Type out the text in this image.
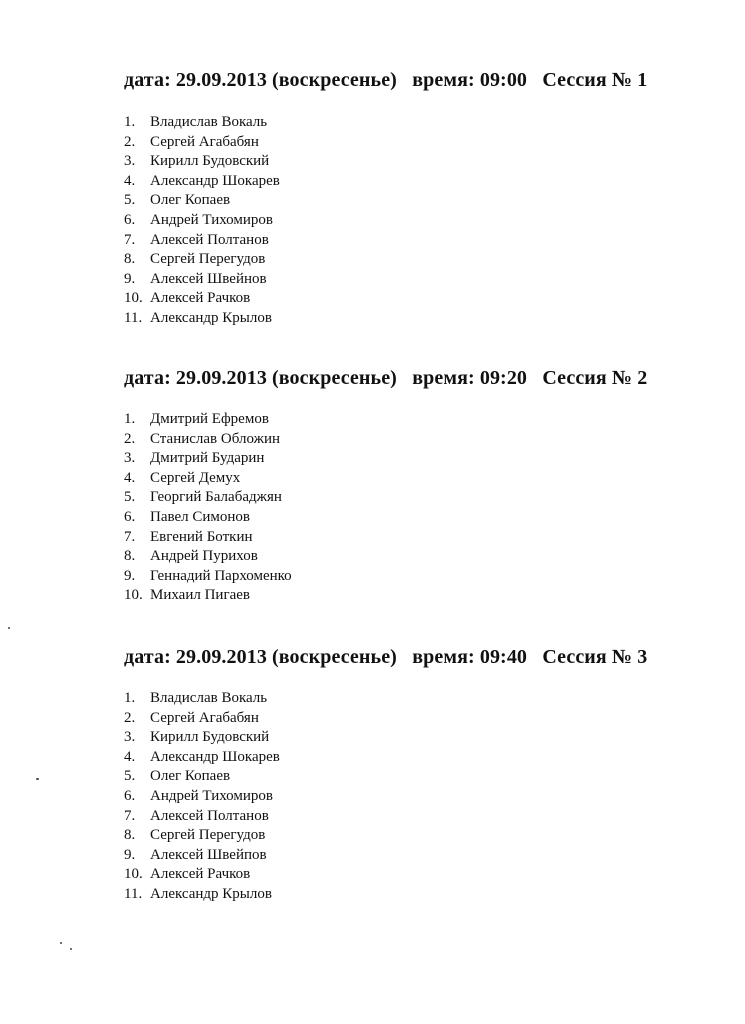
дата: 29.09.2013 (воскресенье) время: 09:00 Сессия № 1
1. Владислав Вокаль
2. Сергей Агабабян
3. Кирилл Будовский
4. Александр Шокарев
5. Олег Копаев
6. Андрей Тихомиров
7. Алексей Полтанов
8. Сергей Перегудов
9. Алексей Швейнов
10. Алексей Рачков
11. Александр Крылов
дата: 29.09.2013 (воскресенье) время: 09:20 Сессия № 2
1. Дмитрий Ефремов
2. Станислав Обложин
3. Дмитрий Бударин
4. Сергей Демух
5. Георгий Балабаджян
6. Павел Симонов
7. Евгений Боткин
8. Андрей Пурихов
9. Геннадий Пархоменко
10. Михаил Пигаев
дата: 29.09.2013 (воскресенье) время: 09:40 Сессия № 3
1. Владислав Вокаль
2. Сергей Агабабян
3. Кирилл Будовский
4. Александр Шокарев
5. Олег Копаев
6. Андрей Тихомиров
7. Алексей Полтанов
8. Сергей Перегудов
9. Алексей Швейпов
10. Алексей Рачков
11. Александр Крылов
